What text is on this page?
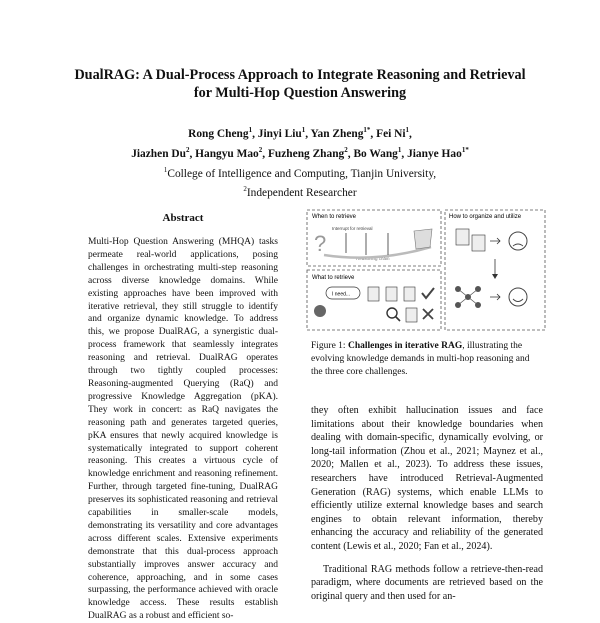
DualRAG: A Dual-Process Approach to Integrate Reasoning and Retrieval
for Multi-Hop Question Answering
Rong Cheng$^1$, Jinyi Liu$^1$, Yan Zheng$^{1*}$, Fei Ni$^1$,
Jiazhen Du$^2$, Hangyu Mao$^2$, Fuzheng Zhang$^2$, Bo Wang$^1$, Jianye Hao$^{1*}$
$^1$College of Intelligence and Computing, Tianjin University,
$^2$Independent Researcher
Abstract
Multi-Hop Question Answering (MHQA) tasks permeate real-world applications, posing challenges in orchestrating multi-step reasoning across diverse knowledge domains. While existing approaches have been improved with iterative retrieval, they still struggle to identify and organize dynamic knowledge. To address this, we propose DualRAG, a synergistic dual-process framework that seamlessly integrates reasoning and retrieval. DualRAG operates through two tightly coupled processes: Reasoning-augmented Querying (RaQ) and progressive Knowledge Aggregation (pKA). They work in concert: as RaQ navigates the reasoning path and generates targeted queries, pKA ensures that newly acquired knowledge is systematically integrated to support coherent reasoning. This creates a virtuous cycle of knowledge enrichment and reasoning refinement. Further, through targeted fine-tuning, DualRAG preserves its sophisticated reasoning and retrieval capabilities in smaller-scale models, demonstrating its versatility and core advantages across different scales. Extensive experiments demonstrate that this dual-process approach substantially improves answer accuracy and coherence, approaching, and in some cases surpassing, the performance achieved with oracle knowledge access. These results establish DualRAG as a robust and efficient so-
When to retrieve
Interrupt for retrieval
Reasoning chain
What to retrieve
How to organize and utilize
?
I need...
Figure 1: Challenges in iterative RAG, illustrating the evolving knowledge demands in multi-hop reasoning and the three core challenges.

they often exhibit hallucination issues and face limitations about their knowledge boundaries when dealing with domain-specific, dynamically evolving, or long-tail information (Zhou et al., 2021; Maynez et al., 2020; Mallen et al., 2023). To address these issues, researchers have introduced Retrieval-Augmented Generation (RAG) systems, which enable LLMs to efficiently utilize external knowledge bases and search engines to obtain relevant information, thereby enhancing the accuracy and reliability of the generated content (Lewis et al., 2020; Fan et al., 2024).

Traditional RAG methods follow a retrieve-then-read paradigm, where documents are retrieved based on the original query and then used for an-
